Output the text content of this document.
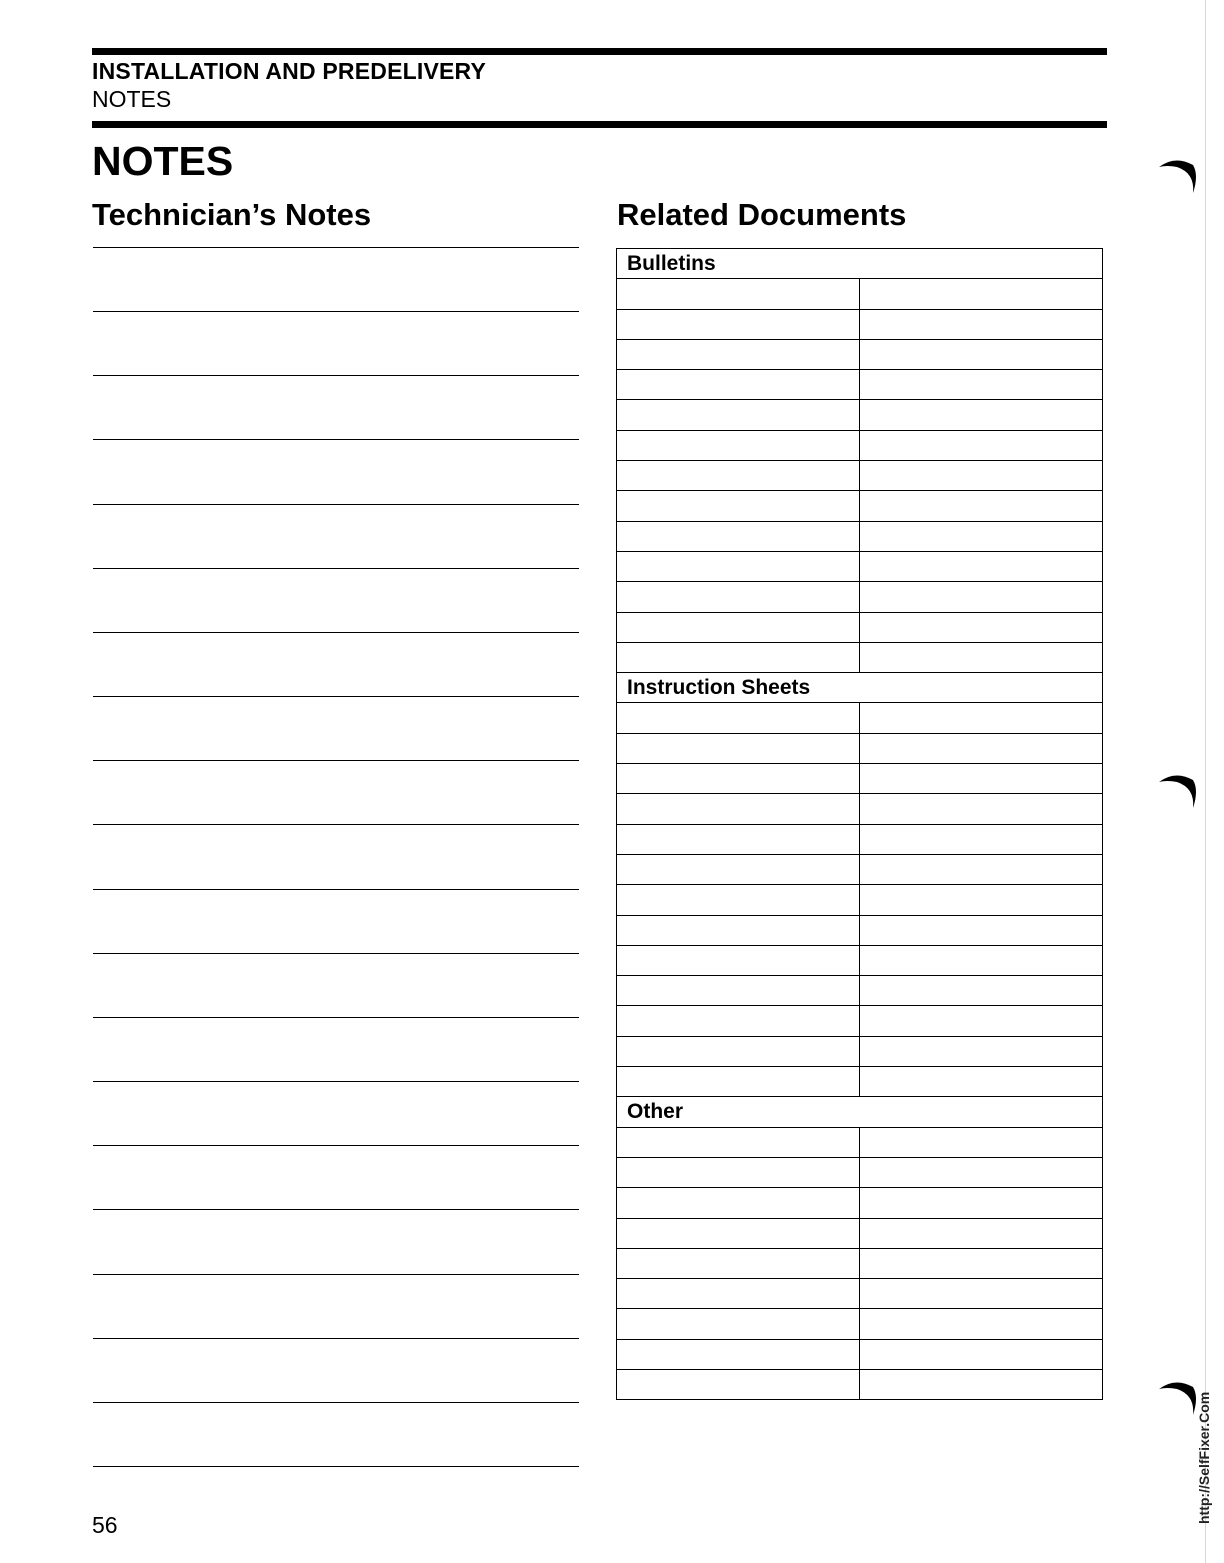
INSTALLATION AND PREDELIVERY
NOTES
NOTES
Technician’s Notes	Related Documents
Bulletins	

Instruction Sheets	

Other	

56
http://SelfFixer.Com
